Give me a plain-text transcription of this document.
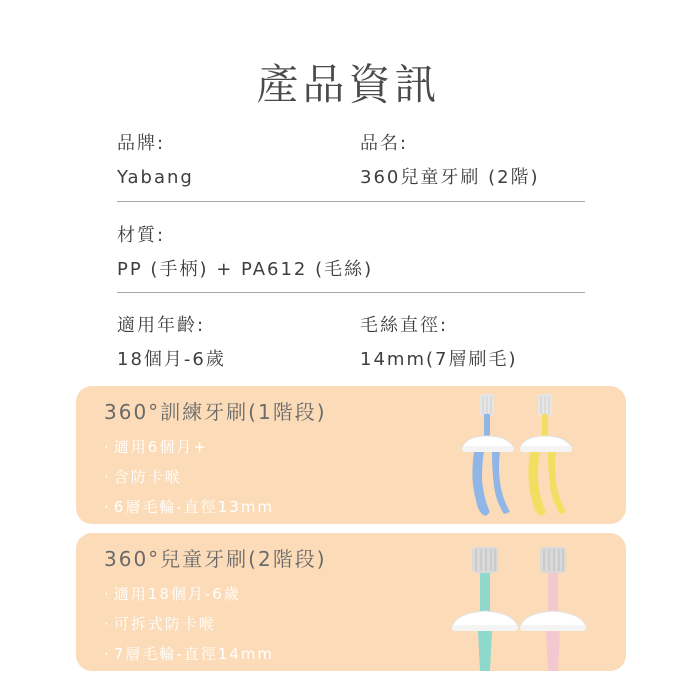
產品資訊
品牌:
Yabang
品名:
360兒童牙刷 (2階)
材質:
PP (手柄) + PA612 (毛絲)
適用年齡:
18個月-6歲
毛絲直徑:
14mm(7層刷毛)
360°訓練牙刷(1階段)
· 適用6個月+
· 含防卡喉
· 6層毛輪-直徑13mm
360°兒童牙刷(2階段)
· 適用18個月-6歲
· 可拆式防卡喉
· 7層毛輪-直徑14mm
